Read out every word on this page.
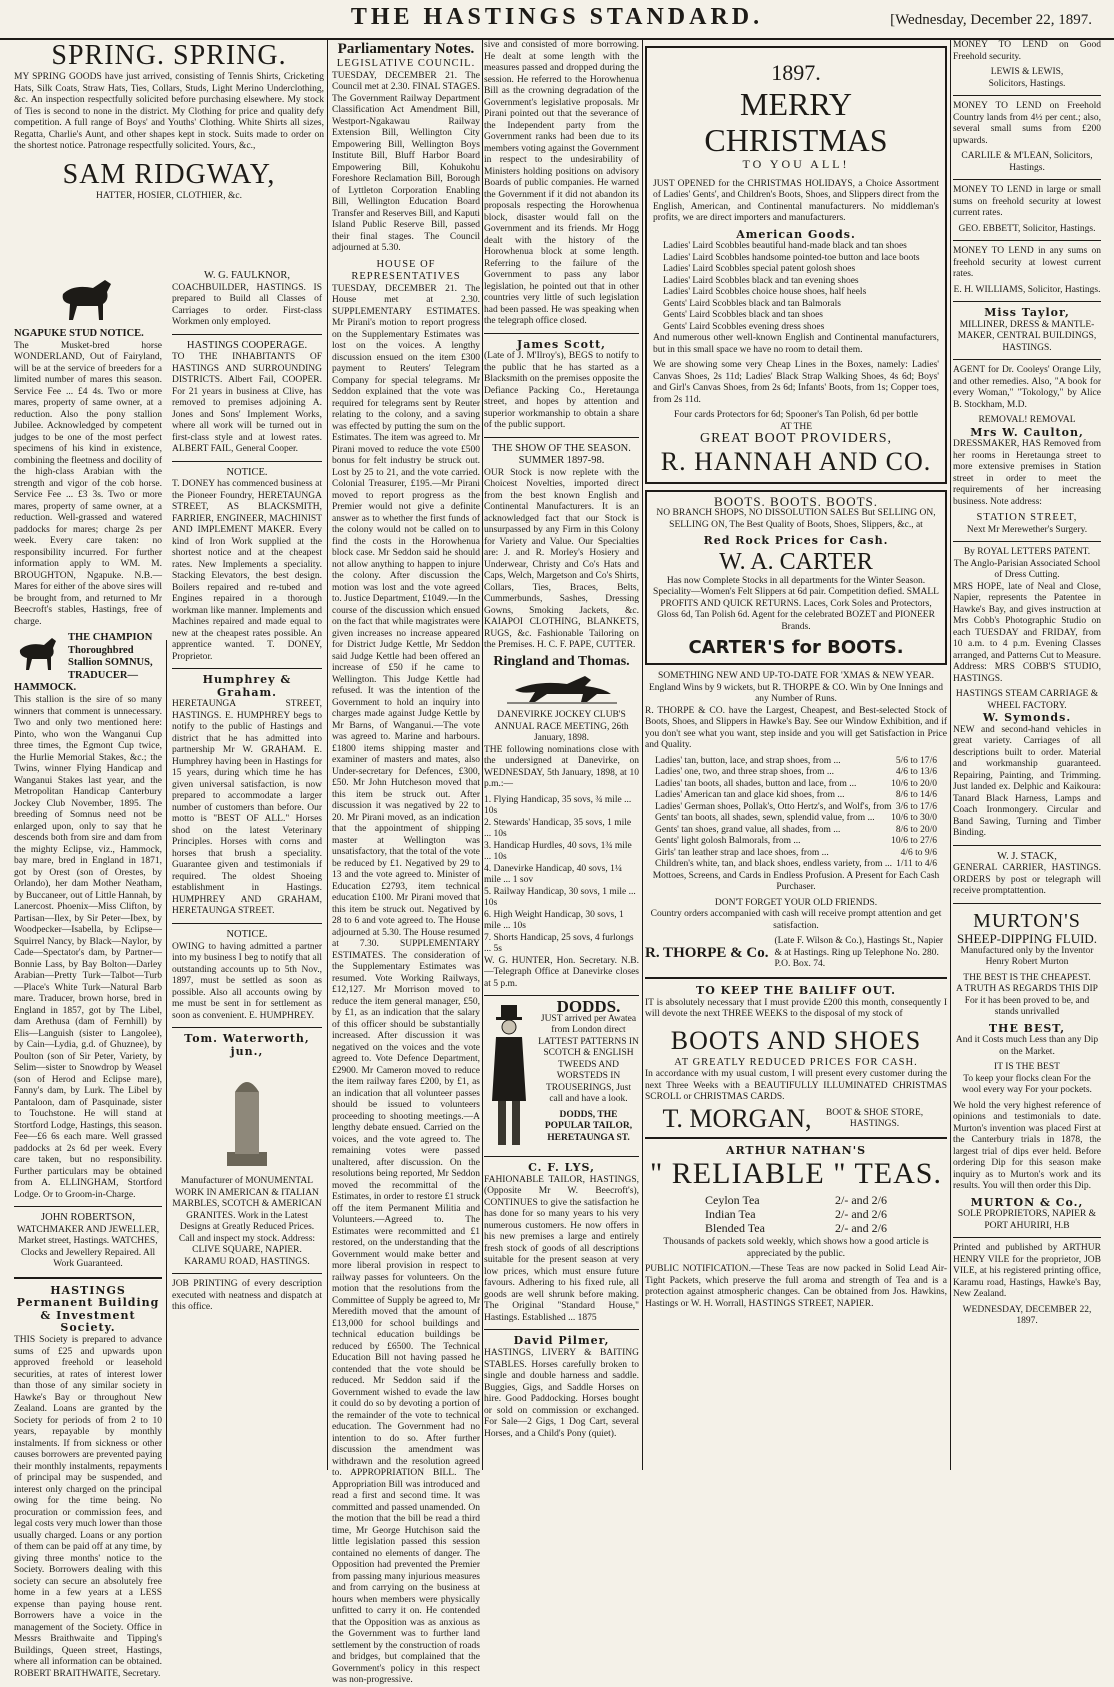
THE HASTINGS STANDARD.	[Wednesday, December 22, 1897.
SPRING. SPRING.

MY SPRING GOODS have just arrived, consisting of Tennis Shirts, Cricketing Hats, Silk Coats, Straw Hats, Ties, Collars, Studs, Light Merino Underclothing, &c. An inspection respectfully solicited before purchasing elsewhere. My stock of Ties is second to none in the district. My Clothing for price and quality defy competition. A full range of Boys' and Youths' Clothing. White Shirts all sizes, Regatta, Charlie's Aunt, and other shapes kept in stock. Suits made to order on the shortest notice. Patronage respectfully solicited. Yours, &c.,

SAM RIDGWAY,
HATTER, HOSIER, CLOTHIER, &c.
NGAPUKE STUD NOTICE.

The Musket-bred horse WONDERLAND, Out of Fairyland, will be at the service of breeders for a limited number of mares this season. Service Fee ... £4 4s. Two or more mares, property of same owner, at a reduction. Also the pony stallion Jubilee. Acknowledged by competent judges to be one of the most perfect specimens of his kind in existence, combining the fleetness and docility of the high-class Arabian with the strength and vigor of the cob horse. Service Fee ... £3 3s. Two or more mares, property of same owner, at a reduction. Well-grassed and watered paddocks for mares; charge 2s per week. Every care taken: no responsibility incurred. For further information apply to WM. M. BROUGHTON, Ngapuke. N.B.—Mares for either of the above sires will be brought from, and returned to Mr Beecroft's stables, Hastings, free of charge.

THE CHAMPION Thoroughbred Stallion SOMNUS, TRADUCER—HAMMOCK.

This stallion is the sire of so many winners that comment is unnecessary. Two and only two mentioned here: Pinto, who won the Wanganui Cup three times, the Egmont Cup twice, the Hurlie Memorial Stakes, &c.; the Twins, winner Flying Handicap and Wanganui Stakes last year, and the Metropolitan Handicap Canterbury Jockey Club November, 1895. The breeding of Somnus need not be enlarged upon, only to say that he descends both from sire and dam from the mighty Eclipse, viz., Hammock, bay mare, bred in England in 1871, got by Orest (son of Orestes, by Orlando), her dam Mother Neatham, by Buccaneer, out of Little Hannah, by Lanercost. Phoenix—Miss Clifton, by Partisan—Ilex, by Sir Peter—Ibex, by Woodpecker—Isabella, by Eclipse—Squirrel Nancy, by Black—Naylor, by Cade—Spectator's dam, by Partner—Bonnie Lass, by Bay Bolton—Darley Arabian—Pretty Turk—Talbot—Turb—Place's White Turk—Natural Barb mare. Traducer, brown horse, bred in England in 1857, got by The Libel, dam Arethusa (dam of Fernhill) by Elis—Languish (sister to Langolee), by Cain—Lydia, g.d. of Ghuznee), by Poulton (son of Sir Peter, Variety, by Selim—sister to Snowdrop by Weasel (son of Herod and Eclipse mare), Fanny's dam, by Lurk. The Libel by Pantaloon, dam of Pasquinade, sister to Touchstone. He will stand at Stortford Lodge, Hastings, this season. Fee—£6 6s each mare. Well grassed paddocks at 2s 6d per week. Every care taken, but no responsibility. Further particulars may be obtained from A. ELLINGHAM, Stortford Lodge. Or to Groom-in-Charge.

JOHN ROBERTSON,

WATCHMAKER AND JEWELLER, Market street, Hastings. WATCHES, Clocks and Jewellery Repaired. All Work Guaranteed.

HASTINGS Permanent Building & Investment Society.

THIS Society is prepared to advance sums of £25 and upwards upon approved freehold or leasehold securities, at rates of interest lower than those of any similar society in Hawke's Bay or throughout New Zealand. Loans are granted by the Society for periods of from 2 to 10 years, repayable by monthly instalments. If from sickness or other causes borrowers are prevented paying their monthly instalments, repayments of principal may be suspended, and interest only charged on the principal owing for the time being. No procuration or commission fees, and legal costs very much lower than those usually charged. Loans or any portion of them can be paid off at any time, by giving three months' notice to the Society. Borrowers dealing with this society can secure an absolutely free home in a few years at a LESS expense than paying house rent. Borrowers have a voice in the management of the Society. Office in Messrs Braithwaite and Tipping's Buildings, Queen street, Hastings, where all information can be obtained. ROBERT BRAITHWAITE, Secretary.

W. G. FAULKNOR,

COACHBUILDER, HASTINGS. IS prepared to Build all Classes of Carriages to order. First-class Workmen only employed.

HASTINGS COOPERAGE.

TO THE INHABITANTS OF HASTINGS AND SURROUNDING DISTRICTS. Albert Fail, COOPER. For 21 years in business at Clive, has removed to premises adjoining A. Jones and Sons' Implement Works, where all work will be turned out in first-class style and at lowest rates. ALBERT FAIL, General Cooper.

NOTICE.

T. DONEY has commenced business at the Pioneer Foundry, HERETAUNGA STREET, AS BLACKSMITH, FARRIER, ENGINEER, MACHINIST AND IMPLEMENT MAKER. Every kind of Iron Work supplied at the shortest notice and at the cheapest rates. New Implements a speciality. Stacking Elevators, the best design. Boilers repaired and re-tubed and Engines repaired in a thorough workman like manner. Implements and Machines repaired and made equal to new at the cheapest rates possible. An apprentice wanted. T. DONEY, Proprietor.

Humphrey & Graham.

HERETAUNGA STREET, HASTINGS. E. HUMPHREY begs to notify to the public of Hastings and district that he has admitted into partnership Mr W. GRAHAM. E. Humphrey having been in Hastings for 15 years, during which time he has given universal satisfaction, is now prepared to accommodate a larger number of customers than before. Our motto is "BEST OF ALL." Horses shod on the latest Veterinary Principles. Horses with corns and horses that brush a speciality. Guarantee given and testimonials if required. The oldest Shoeing establishment in Hastings. HUMPHREY AND GRAHAM, HERETAUNGA STREET.

NOTICE.

OWING to having admitted a partner into my business I beg to notify that all outstanding accounts up to 5th Nov., 1897, must be settled as soon as possible. Also all accounts owing by me must be sent in for settlement as soon as convenient. E. HUMPHREY.

Tom. Waterworth, jun.,

Manufacturer of MONUMENTAL WORK IN AMERICAN & ITALIAN MARBLES, SCOTCH & AMERICAN GRANITES. Work in the Latest Designs at Greatly Reduced Prices. Call and inspect my stock. Address: CLIVE SQUARE, NAPIER. KARAMU ROAD, HASTINGS.

JOB PRINTING of every description executed with neatness and dispatch at this office.

Parliamentary Notes.
LEGISLATIVE COUNCIL.

TUESDAY, DECEMBER 21. The Council met at 2.30. FINAL STAGES. The Government Railway Department Classification Act Amendment Bill, Westport-Ngakawau Railway Extension Bill, Wellington City Empowering Bill, Wellington Boys Institute Bill, Bluff Harbor Board Empowering Bill, Kohukohu Foreshore Reclamation Bill, Borough of Lyttleton Corporation Enabling Bill, Wellington Education Board Transfer and Reserves Bill, and Kaputi Island Public Reserve Bill, passed their final stages. The Council adjourned at 5.30.

HOUSE OF REPRESENTATIVES

TUESDAY, DECEMBER 21. The House met at 2.30. SUPPLEMENTARY ESTIMATES. Mr Pirani's motion to report progress on the Supplementary Estimates was lost on the voices. A lengthy discussion ensued on the item £300 payment to Reuters' Telegram Company for special telegrams. Mr Seddon explained that the vote was required for telegrams sent by Reuter relating to the colony, and a saving was effected by putting the sum on the Estimates. The item was agreed to. Mr Pirani moved to reduce the vote £500 bonus for felt industry be struck out. Lost by 25 to 21, and the vote carried. Colonial Treasurer, £195.—Mr Pirani moved to report progress as the Premier would not give a definite answer as to whether the first funds of the colony would not be called on to find the costs in the Horowhenua block case. Mr Seddon said he should not allow anything to happen to injure the colony. After discussion the motion was lost and the vote agreed to. Justice Department, £1049.—In the course of the discussion which ensued on the fact that while magistrates were given increases no increase appeared for District Judge Kettle, Mr Seddon said Judge Kettle had been offered an increase of £50 if he came to Wellington. This Judge Kettle had refused. It was the intention of the Government to hold an inquiry into charges made against Judge Kettle by Mr Barns, of Wanganui.—The vote was agreed to. Marine and harbours. £1800 items shipping master and examiner of masters and mates, also Under-secretary for Defences, £300, £50. Mr John Hutcheson moved that this item be struck out. After discussion it was negatived by 22 to 20. Mr Pirani moved, as an indication that the appointment of shipping master at Wellington was unsatisfactory, that the total of the vote be reduced by £1. Negatived by 29 to 13 and the vote agreed to. Minister of Education £2793, item technical education £100. Mr Pirani moved that this item be struck out. Negatived by 28 to 6 and vote agreed to. The House adjourned at 5.30. The House resumed at 7.30. SUPPLEMENTARY ESTIMATES. The consideration of the Supplementary Estimates was resumed. Vote Working Railways, £12,127. Mr Morrison moved to reduce the item general manager, £50, by £1, as an indication that the salary of this officer should be substantially increased. After discussion it was negatived on the voices and the vote agreed to. Vote Defence Department, £2900. Mr Cameron moved to reduce the item railway fares £200, by £1, as an indication that all volunteer passes should be issued to volunteers proceeding to shooting meetings.—A lengthy debate ensued. Carried on the voices, and the vote agreed to. The remaining votes were passed unaltered, after discussion. On the resolutions being reported, Mr Seddon moved the recommittal of the Estimates, in order to restore £1 struck off the item Permanent Militia and Volunteers.—Agreed to. The Estimates were recommitted and £1 restored, on the understanding that the Government would make better and more liberal provision in respect to railway passes for volunteers. On the motion that the resolutions from the Committee of Supply be agreed to, Mr Meredith moved that the amount of £13,000 for school buildings and technical education buildings be reduced by £6500. The Technical Education Bill not having passed he contended that the vote should be reduced. Mr Seddon said if the Government wished to evade the law it could do so by devoting a portion of the remainder of the vote to technical education. The Government had no intention to do so. After further discussion the amendment was withdrawn and the resolution agreed to. APPROPRIATION BILL. The Appropriation Bill was introduced and read a first and second time. It was committed and passed unamended. On the motion that the bill be read a third time, Mr George Hutchison said the little legislation passed this session contained no elements of danger. The Opposition had prevented the Premier from passing many injurious measures and from carrying on the business at hours when members were physically unfitted to carry it on. He contended that the Opposition was as anxious as the Government was to further land settlement by the construction of roads and bridges, but complained that the Government's policy in this respect was non-progressive.

sive and consisted of more borrowing. He dealt at some length with the measures passed and dropped during the session. He referred to the Horowhenua Bill as the crowning degradation of the Government's legislative proposals. Mr Pirani pointed out that the severance of the Independent party from the Government ranks had been due to its members voting against the Government in respect to the undesirability of Ministers holding positions on advisory Boards of public companies. He warned the Government if it did not abandon its proposals respecting the Horowhenua block, disaster would fall on the Government and its friends. Mr Hogg dealt with the history of the Horowhenua block at some length. Referring to the failure of the Government to pass any labor legislation, he pointed out that in other countries very little of such legislation had been passed. He was speaking when the telegraph office closed.

James Scott,

(Late of J. M'Ilroy's), BEGS to notify to the public that he has started as a Blacksmith on the premises opposite the Defiance Packing Co., Heretaunga street, and hopes by attention and superior workmanship to obtain a share of the public support.

THE SHOW OF THE SEASON. SUMMER 1897-98.

OUR Stock is now replete with the Choicest Novelties, imported direct from the best known English and Continental Manufacturers. It is an acknowledged fact that our Stock is unsurpassed by any Firm in this Colony for Variety and Value. Our Specialties are: J. and R. Morley's Hosiery and Underwear, Christy and Co's Hats and Caps, Welch, Margetson and Co's Shirts, Collars, Ties, Braces, Belts, Cummerbunds, Sashes, Dressing Gowns, Smoking Jackets, &c. KAIAPOI CLOTHING, BLANKETS, RUGS, &c. Fashionable Tailoring on the Premises. H. C. F. PAPE, CUTTER.

Ringland and Thomas.
DANEVIRKE JOCKEY CLUB'S ANNUAL RACE MEETING, 26th January, 1898.

THE following nominations close with the undersigned at Danevirke, on WEDNESDAY, 5th January, 1898, at 10 p.m.:—

1. Flying Handicap, 35 sovs, ¾ mile ... 10s
2. Stewards' Handicap, 35 sovs, 1 mile ... 10s
3. Handicap Hurdles, 40 sovs, 1¾ mile ... 10s
4. Danevirke Handicap, 40 sovs, 1¼ mile ... 1 sov
5. Railway Handicap, 30 sovs, 1 mile ... 10s
6. High Weight Handicap, 30 sovs, 1 mile ... 10s
7. Shorts Handicap, 25 sovs, 4 furlongs ... 5s

W. G. HUNTER, Hon. Secretary. N.B.—Telegraph Office at Danevirke closes at 5 p.m.

DODDS.

JUST arrived per Awatea from London direct LATTEST PATTERNS IN SCOTCH & ENGLISH TWEEDS AND WORSTEDS IN TROUSERINGS, Just call and have a look.

DODDS, THE POPULAR TAILOR, HERETAUNGA ST.

C. F. LYS,

FAHIONABLE TAILOR, HASTINGS, (Opposite Mr W. Beecroft's), CONTINUES to give the satisfaction he has done for so many years to his very numerous customers. He now offers in his new premises a large and entirely fresh stock of goods of all descriptions suitable for the present season at very low prices, which must ensure future favours. Adhering to his fixed rule, all goods are well shrunk before making. The Original "Standard House," Hastings. Established ... 1875

David Pilmer,

HASTINGS, LIVERY & BAITING STABLES. Horses carefully broken to single and double harness and saddle. Buggies, Gigs, and Saddle Horses on hire. Good Paddocking. Horses bought or sold on commission or exchanged. For Sale—2 Gigs, 1 Dog Cart, several Horses, and a Child's Pony (quiet).

1897.
MERRY CHRISTMAS
TO YOU ALL!

JUST OPENED for the CHRISTMAS HOLIDAYS, a Choice Assortment of Ladies' Gents', and Children's Boots, Shoes, and Slippers direct from the English, American, and Continental manufacturers. No middleman's profits, we are direct importers and manufacturers.

American Goods.
Ladies' Laird Scobbles beautiful hand-made black and tan shoes
Ladies' Laird Scobbles handsome pointed-toe button and lace boots
Ladies' Laird Scobbles special patent golosh shoes
Ladies' Laird Scobbles black and tan evening shoes
Ladies' Laird Scobbles choice house shoes, half heels
Gents' Laird Scobbles black and tan Balmorals
Gents' Laird Scobbles black and tan shoes
Gents' Laird Scobbles evening dress shoes

And numerous other well-known English and Continental manufacturers, but in this small space we have no room to detail them.

We are showing some very Cheap Lines in the Boxes, namely: Ladies' Canvas Shoes, 2s 11d; Ladies' Black Strap Walking Shoes, 4s 6d; Boys' and Girl's Canvas Shoes, from 2s 6d; Infants' Boots, from 1s; Copper toes, from 2s 11d.

Four cards Protectors for 6d; Spooner's Tan Polish, 6d per bottle
AT THE
GREAT BOOT PROVIDERS,
R. HANNAH AND CO.
BOOTS. BOOTS. BOOTS.

NO BRANCH SHOPS, NO DISSOLUTION SALES But SELLING ON, SELLING ON, The Best Quality of Boots, Shoes, Slippers, &c., at

Red Rock Prices for Cash.
W. A. CARTER

Has now Complete Stocks in all departments for the Winter Season. Speciality—Women's Felt Slippers at 6d pair. Competition defied. SMALL PROFITS AND QUICK RETURNS. Laces, Cork Soles and Protectors, Gloss 6d, Tan Polish 6d. Agent for the celebrated BOZET and PIONEER Brands.

CARTER'S for BOOTS.
SOMETHING NEW AND UP-TO-DATE FOR 'XMAS & NEW YEAR.
England Wins by 9 wickets, but R. THORPE & CO. Win by One Innings and any Number of Runs.

R. THORPE & CO. have the Largest, Cheapest, and Best-selected Stock of Boots, Shoes, and Slippers in Hawke's Bay. See our Window Exhibition, and if you don't see what you want, step inside and you will get Satisfaction in Price and Quality.

Ladies' tan, button, lace, and strap shoes, from ...	5/6 to 17/6
Ladies' one, two, and three strap shoes, from ...	4/6 to 13/6
Ladies' tan boots, all shades, button and lace, from ...	10/6 to 20/0
Ladies' American tan and glace kid shoes, from ...	8/6 to 14/6
Ladies' German shoes, Pollak's, Otto Hertz's, and Wolf's, from 3/6 to 17/6
Gents' tan boots, all shades, sewn, splendid value, from ... 10/6 to 30/0
Gents' tan shoes, grand value, all shades, from ...	8/6 to 20/0
Gents' light golosh Balmorals, from ...	10/6 to 27/6
Girls' tan leather strap and lace shoes, from ...	4/6 to 9/6
Children's white, tan, and black shoes, endless variety, from ... 1/11 to 4/6

Mottoes, Screens, and Cards in Endless Profusion. A Present for Each Cash Purchaser.

DON'T FORGET YOUR OLD FRIENDS.

Country orders accompanied with cash will receive prompt attention and get satisfaction.

R. THORPE & Co.
(Late F. Wilson & Co.), Hastings St., Napier & at Hastings. Ring up Telephone No. 280. P.O. Box. 74.
TO KEEP THE BAILIFF OUT.

IT is absolutely necessary that I must provide £200 this month, consequently I will devote the next THREE WEEKS to the disposal of my stock of

BOOTS AND SHOES
AT GREATLY REDUCED PRICES FOR CASH.

In accordance with my usual custom, I will present every customer during the next Three Weeks with a BEAUTIFULLY ILLUMINATED CHRISTMAS SCROLL or CHRISTMAS CARDS.

T. MORGAN,	BOOT & SHOE STORE, HASTINGS.
ARTHUR NATHAN'S
" RELIABLE " TEAS.
Ceylon Tea	2/- and 2/6
Indian Tea	2/- and 2/6
Blended Tea	2/- and 2/6

Thousands of packets sold weekly, which shows how a good article is appreciated by the public.

PUBLIC NOTIFICATION.—These Teas are now packed in Solid Lead Air-Tight Packets, which preserve the full aroma and strength of Tea and is a protection against atmospheric changes. Can be obtained from Jos. Hawkins, Hastings or W. H. Worrall, HASTINGS STREET, NAPIER.

MONEY TO LEND on Good Freehold security.

LEWIS & LEWIS,
Solicitors, Hastings.

MONEY TO LEND on Freehold Country lands from 4½ per cent.; also, several small sums from £200 upwards.

CARLILE & M'LEAN, Solicitors, Hastings.

MONEY TO LEND in large or small sums on freehold security at lowest current rates.

GEO. EBBETT, Solicitor, Hastings.

MONEY TO LEND in any sums on freehold security at lowest current rates.

E. H. WILLIAMS, Solicitor, Hastings.
Miss Taylor,
MILLINER, DRESS & MANTLE-MAKER, CENTRAL BUILDINGS, HASTINGS.

AGENT for Dr. Cooleys' Orange Lily, and other remedies. Also, "A book for every Woman," "Tokology," by Alice B. Stockham, M.D.

REMOVAL! REMOVAL
Mrs W. Caulton,

DRESSMAKER, HAS Removed from her rooms in Heretaunga street to more extensive premises in Station street in order to meet the requirements of her increasing business. Note address:

STATION STREET,
Next Mr Merewether's Surgery.
By ROYAL LETTERS PATENT.
The Anglo-Parisian Associated School of Dress Cutting.

MRS HOPE, late of Neal and Close, Napier, represents the Patentee in Hawke's Bay, and gives instruction at Mrs Cobb's Photographic Studio on each TUESDAY and FRIDAY, from 10 a.m. to 4 p.m. Evening Classes arranged, and Patterns Cut to Measure. Address: MRS COBB'S STUDIO, HASTINGS.

HASTINGS STEAM CARRIAGE & WHEEL FACTORY.
W. Symonds.

NEW and second-hand vehicles in great variety. Carriages of all descriptions built to order. Material and workmanship guaranteed. Repairing, Painting, and Trimming. Just landed ex. Delphic and Kaikoura: Tanard Black Harness, Lamps and Coach Ironmongery. Circular and Band Sawing, Turning and Timber Binding.

W. J. STACK,

GENERAL CARRIER, HASTINGS. ORDERS by post or telegraph will receive promptattention.

MURTON'S
SHEEP-DIPPING FLUID.

Manufactured only by the Inventor Henry Robert Murton

THE BEST IS THE CHEAPEST.
A TRUTH AS REGARDS THIS DIP

For it has been proved to be, and stands unrivalled

THE BEST,

And it Costs much Less than any Dip on the Market.

IT IS THE BEST

To keep your flocks clean For the wool every way For your pockets.

We hold the very highest reference of opinions and testimonials to date. Murton's invention was placed First at the Canterbury trials in 1878, the largest trial of dips ever held. Before ordering Dip for this season make inquiry as to Murton's work and its results. You will then order this Dip.

MURTON & Co.,
SOLE PROPRIETORS, NAPIER & PORT AHURIRI, H.B

Printed and published by ARTHUR HENRY VILE for the proprietor, JOB VILE, at his registered printing office, Karamu road, Hastings, Hawke's Bay, New Zealand.

WEDNESDAY, DECEMBER 22, 1897.
